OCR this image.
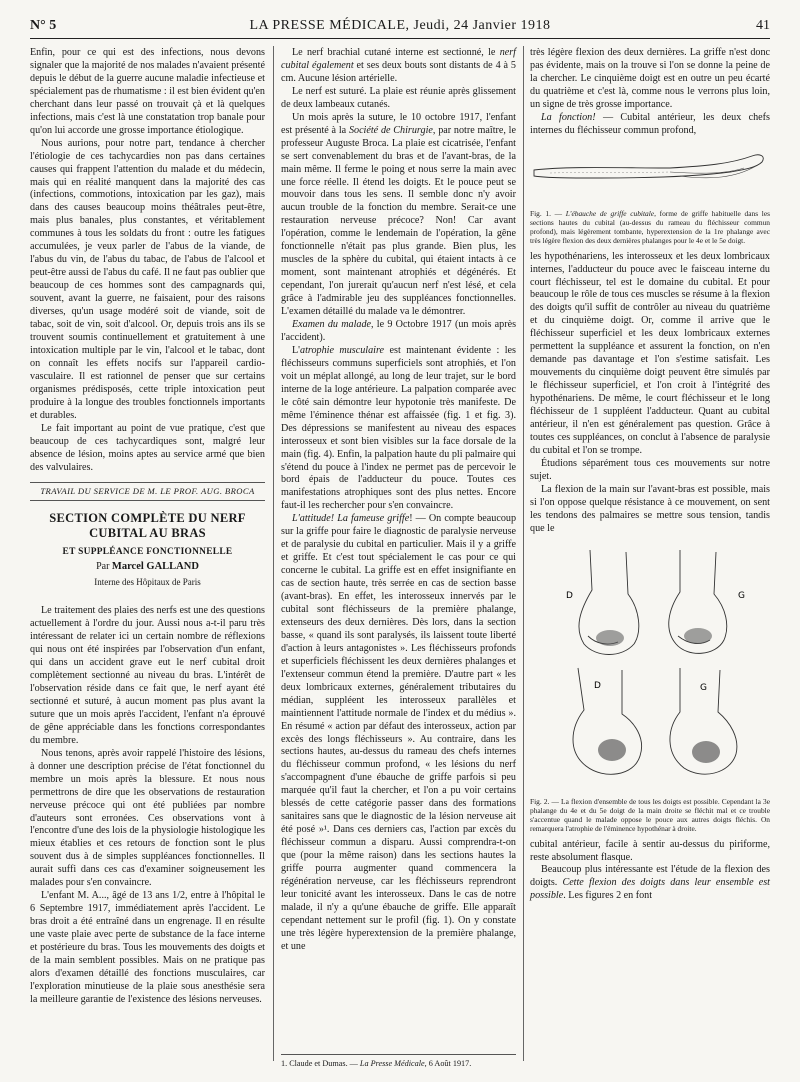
N° 5	LA PRESSE MÉDICALE, Jeudi, 24 Janvier 1918	41

Enfin, pour ce qui est des infections, nous devons signaler que la majorité de nos malades n'avaient présenté depuis le début de la guerre aucune maladie infectieuse et spécialement pas de rhumatisme : il est bien évident qu'en cherchant dans leur passé on trouvait çà et là quelques infections, mais c'est là une constatation trop banale pour qu'on lui accorde une grosse importance étiologique.

Nous aurions, pour notre part, tendance à chercher l'étiologie de ces tachycardies non pas dans certaines causes qui frappent l'attention du malade et du médecin, mais qui en réalité manquent dans la majorité des cas (infections, commotions, intoxication par les gaz), mais dans des causes beaucoup moins théâtrales peut-être, mais plus banales, plus constantes, et véritablement communes à tous les soldats du front : outre les fatigues accumulées, je veux parler de l'abus de la viande, de l'abus du vin, de l'abus du tabac, de l'abus de l'alcool et peut-être aussi de l'abus du café. Il ne faut pas oublier que beaucoup de ces hommes sont des campagnards qui, souvent, avant la guerre, ne faisaient, pour des raisons diverses, qu'un usage modéré soit de viande, soit de tabac, soit de vin, soit d'alcool. Or, depuis trois ans ils se trouvent soumis continuellement et gratuitement à une intoxication multiple par le vin, l'alcool et le tabac, dont on connaît les effets nocifs sur l'appareil cardio-vasculaire. Il est rationnel de penser que sur certains organismes prédisposés, cette triple intoxication peut produire à la longue des troubles fonctionnels importants et durables.

Le fait important au point de vue pratique, c'est que beaucoup de ces tachycardiques sont, malgré leur absence de lésion, moins aptes au service armé que bien des valvulaires.

TRAVAIL DU SERVICE DE M. LE PROF. AUG. BROCA
SECTION COMPLÈTE DU NERF CUBITAL AU BRAS
ET SUPPLÉANCE FONCTIONNELLE
Par Marcel GALLAND
Interne des Hôpitaux de Paris

Le traitement des plaies des nerfs est une des questions actuellement à l'ordre du jour. Aussi nous a-t-il paru très intéressant de relater ici un certain nombre de réflexions qui nous ont été inspirées par l'observation d'un enfant, qui dans un accident grave eut le nerf cubital droit complètement sectionné au niveau du bras. L'intérêt de l'observation réside dans ce fait que, le nerf ayant été sectionné et suturé, à aucun moment pas plus avant la suture que un mois après l'accident, l'enfant n'a éprouvé de gêne appréciable dans les fonctions correspondantes du membre.

Nous tenons, après avoir rappelé l'histoire des lésions, à donner une description précise de l'état fonctionnel du membre un mois après la blessure. Et nous nous permettrons de dire que les observations de restauration nerveuse précoce qui ont été publiées par nombre d'auteurs sont erronées. Ces observations vont à l'encontre d'une des lois de la physiologie histologique les mieux établies et ces retours de fonction sont le plus souvent dus à de simples suppléances fonctionnelles. Il aurait suffi dans ces cas d'examiner soigneusement les malades pour s'en convaincre.

L'enfant M. A..., âgé de 13 ans 1/2, entre à l'hôpital le 6 Septembre 1917, immédiatement après l'accident. Le bras droit a été entraîné dans un engrenage. Il en résulte une vaste plaie avec perte de substance de la face interne et postérieure du bras. Tous les mouvements des doigts et de la main semblent possibles. Mais on ne pratique pas alors d'examen détaillé des fonctions musculaires, car l'exploration minutieuse de la plaie sous anesthésie sera la meilleure garantie de l'existence des lésions nerveuses.

Le nerf brachial cutané interne est sectionné, le nerf cubital également et ses deux bouts sont distants de 4 à 5 cm. Aucune lésion artérielle.

Le nerf est suturé. La plaie est réunie après glissement de deux lambeaux cutanés.

Un mois après la suture, le 10 octobre 1917, l'enfant est présenté à la Société de Chirurgie, par notre maître, le professeur Auguste Broca. La plaie est cicatrisée, l'enfant se sert convenablement du bras et de l'avant-bras, de la main même. Il ferme le poing et nous serre la main avec une force réelle. Il étend les doigts. Et le pouce peut se mouvoir dans tous les sens. Il semble donc n'y avoir aucun trouble de la fonction du membre. Serait-ce une restauration nerveuse précoce? Non! Car avant l'opération, comme le lendemain de l'opération, la gêne fonctionnelle n'était pas plus grande. Bien plus, les muscles de la sphère du cubital, qui étaient intacts à ce moment, sont maintenant atrophiés et dégénérés. Et cependant, l'on jurerait qu'aucun nerf n'est lésé, et cela grâce à l'admirable jeu des suppléances fonctionnelles. L'examen détaillé du malade va le démontrer.

Examen du malade, le 9 Octobre 1917 (un mois après l'accident).

L'atrophie musculaire est maintenant évidente : les fléchisseurs communs superficiels sont atrophiés, et l'on voit un méplat allongé, au long de leur trajet, sur le bord interne de la loge antérieure. La palpation comparée avec le côté sain démontre leur hypotonie très manifeste. De même l'éminence thénar est affaissée (fig. 1 et fig. 3). Des dépressions se manifestent au niveau des espaces interosseux et sont bien visibles sur la face dorsale de la main (fig. 4). Enfin, la palpation haute du pli palmaire qui s'étend du pouce à l'index ne permet pas de percevoir le bord épais de l'adducteur du pouce. Toutes ces manifestations atrophiques sont des plus nettes. Encore faut-il les rechercher pour s'en convaincre.

L'attitude! La fameuse griffe! — On compte beaucoup sur la griffe pour faire le diagnostic de paralysie nerveuse et de paralysie du cubital en particulier. Mais il y a griffe et griffe. Et c'est tout spécialement le cas pour ce qui concerne le cubital. La griffe est en effet insignifiante en cas de section haute, très serrée en cas de section basse (avant-bras). En effet, les interosseux innervés par le cubital sont fléchisseurs de la première phalange, extenseurs des deux dernières. Dès lors, dans la section basse, « quand ils sont paralysés, ils laissent toute liberté d'action à leurs antagonistes ». Les fléchisseurs profonds et superficiels fléchissent les deux dernières phalanges et l'extenseur commun étend la première. D'autre part « les deux lombricaux externes, généralement tributaires du médian, suppléent les interosseux parallèles et maintiennent l'attitude normale de l'index et du médius ». En résumé « action par défaut des interosseux, action par excès des longs fléchisseurs ». Au contraire, dans les sections hautes, au-dessus du rameau des chefs internes du fléchisseur commun profond, « les lésions du nerf s'accompagnent d'une ébauche de griffe parfois si peu marquée qu'il faut la chercher, et l'on a pu voir certains blessés de cette catégorie passer dans des formations sanitaires sans que le diagnostic de la lésion nerveuse ait été posé »¹. Dans ces derniers cas, l'action par excès du fléchisseur commun a disparu. Aussi comprendra-t-on que (pour la même raison) dans les sections hautes la griffe pourra augmenter quand commencera la régénération nerveuse, car les fléchisseurs reprendront leur tonicité avant les interosseux. Dans le cas de notre malade, il n'y a qu'une ébauche de griffe. Elle apparaît cependant nettement sur le profil (fig. 1). On y constate une très légère hyperextension de la première phalange, et une

1. Claude et Dumas. — La Presse Médicale, 6 Août 1917.

très légère flexion des deux dernières. La griffe n'est donc pas évidente, mais on la trouve si l'on se donne la peine de la chercher. Le cinquième doigt est en outre un peu écarté du quatrième et c'est là, comme nous le verrons plus loin, un signe de très grosse importance.

La fonction! — Cubital antérieur, les deux chefs internes du fléchisseur commun profond,

Fig. 1. — L'ébauche de griffe cubitale, forme de griffe habituelle dans les sections hautes du cubital (au-dessus du rameau du fléchisseur commun profond), mais légèrement tombante, hyperextension de la 1re phalange avec très légère flexion des deux dernières phalanges pour le 4e et le 5e doigt.

les hypothénariens, les interosseux et les deux lombricaux internes, l'adducteur du pouce avec le faisceau interne du court fléchisseur, tel est le domaine du cubital. Et pour beaucoup le rôle de tous ces muscles se résume à la flexion des doigts qu'il suffit de contrôler au niveau du quatrième et du cinquième doigt. Or, comme il arrive que le fléchisseur superficiel et les deux lombricaux externes permettent la suppléance et assurent la fonction, on n'en demande pas davantage et l'on s'estime satisfait. Les mouvements du cinquième doigt peuvent être simulés par le fléchisseur superficiel, et l'on croit à l'intégrité des hypothénariens. De même, le court fléchisseur et le long fléchisseur de 1 suppléent l'adducteur. Quant au cubital antérieur, il n'en est généralement pas question. Grâce à toutes ces suppléances, on conclut à l'absence de paralysie du cubital et l'on se trompe.

Étudions séparément tous ces mouvements sur notre sujet.

La flexion de la main sur l'avant-bras est possible, mais si l'on oppose quelque résistance à ce mouvement, on sent les tendons des palmaires se mettre sous tension, tandis que le

D	G
D	G
Fig. 2. — La flexion d'ensemble de tous les doigts est possible. Cependant la 3e phalange du 4e et du 5e doigt de la main droite se fléchit mal et ce trouble s'accentue quand le malade oppose le pouce aux autres doigts fléchis. On remarquera l'atrophie de l'éminence hypothénar à droite.

cubital antérieur, facile à sentir au-dessus du piriforme, reste absolument flasque.

Beaucoup plus intéressante est l'étude de la flexion des doigts. Cette flexion des doigts dans leur ensemble est possible. Les figures 2 en font
